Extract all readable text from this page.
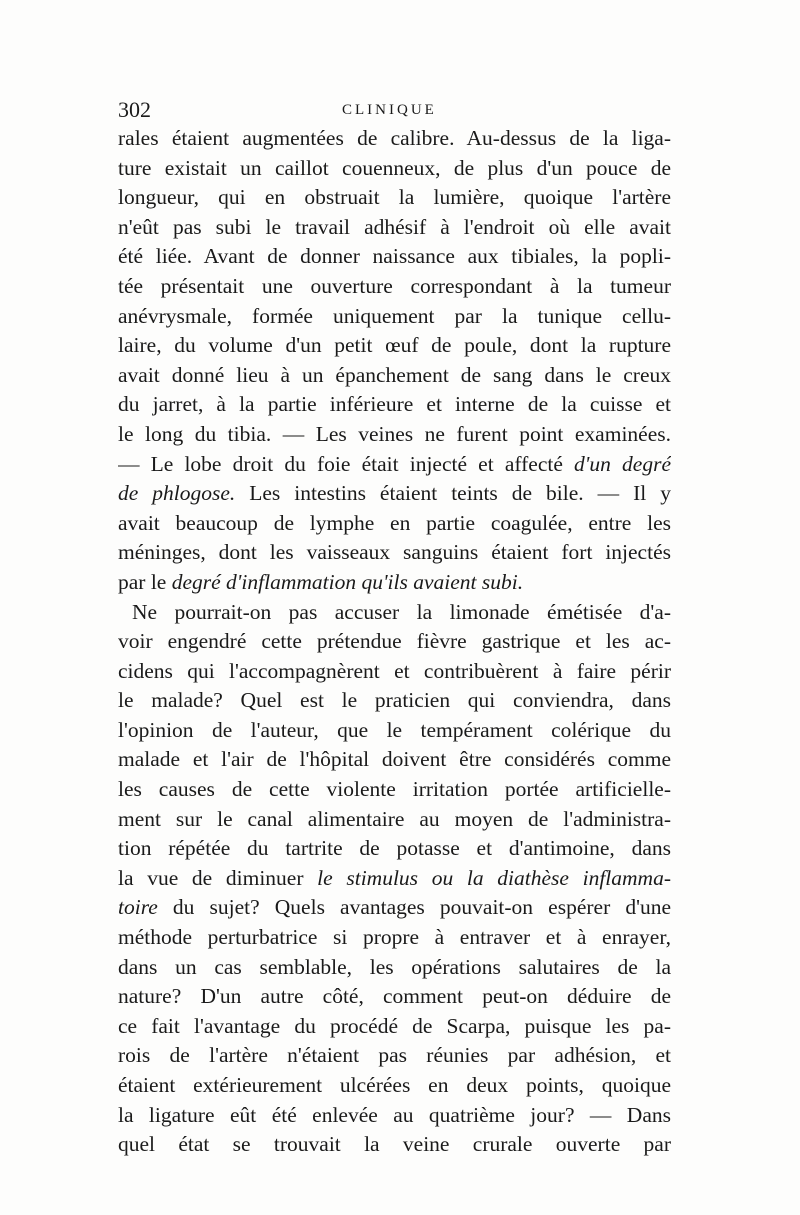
302	CLINIQUE
rales étaient augmentées de calibre. Au-dessus de la liga-
ture existait un caillot couenneux, de plus d'un pouce de
longueur, qui en obstruait la lumière, quoique l'artère
n'eût pas subi le travail adhésif à l'endroit où elle avait
été liée. Avant de donner naissance aux tibiales, la popli-
tée présentait une ouverture correspondant à la tumeur
anévrysmale, formée uniquement par la tunique cellu-
laire, du volume d'un petit œuf de poule, dont la rupture
avait donné lieu à un épanchement de sang dans le creux
du jarret, à la partie inférieure et interne de la cuisse et
le long du tibia. — Les veines ne furent point examinées.
— Le lobe droit du foie était injecté et affecté d'un degré
de phlogose. Les intestins étaient teints de bile. — Il y
avait beaucoup de lymphe en partie coagulée, entre les
méninges, dont les vaisseaux sanguins étaient fort injectés
par le degré d'inflammation qu'ils avaient subi.
Ne pourrait-on pas accuser la limonade émétisée d'a-
voir engendré cette prétendue fièvre gastrique et les ac-
cidens qui l'accompagnèrent et contribuèrent à faire périr
le malade? Quel est le praticien qui conviendra, dans
l'opinion de l'auteur, que le tempérament colérique du
malade et l'air de l'hôpital doivent être considérés comme
les causes de cette violente irritation portée artificielle-
ment sur le canal alimentaire au moyen de l'administra-
tion répétée du tartrite de potasse et d'antimoine, dans
la vue de diminuer le stimulus ou la diathèse inflamma-
toire du sujet? Quels avantages pouvait-on espérer d'une
méthode perturbatrice si propre à entraver et à enrayer,
dans un cas semblable, les opérations salutaires de la
nature? D'un autre côté, comment peut-on déduire de
ce fait l'avantage du procédé de Scarpa, puisque les pa-
rois de l'artère n'étaient pas réunies par adhésion, et
étaient extérieurement ulcérées en deux points, quoique
la ligature eût été enlevée au quatrième jour? — Dans
quel état se trouvait la veine crurale ouverte par
